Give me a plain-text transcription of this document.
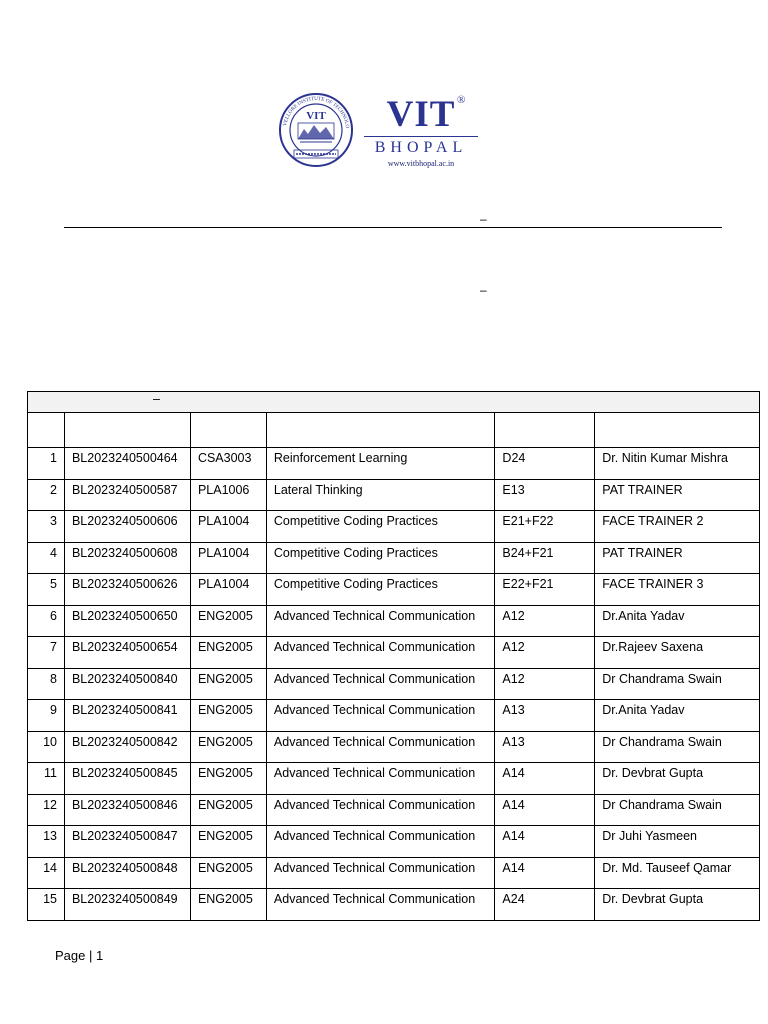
VELLORE INSTITUTE OF TECHNOLO
VIT	VIT ®
BHOPAL
www.vitbhopal.ac.in
–
–
–					

1	BL2023240500464	CSA3003	Reinforcement Learning	D24	Dr. Nitin Kumar Mishra
2	BL2023240500587	PLA1006	Lateral Thinking	E13	PAT TRAINER
3	BL2023240500606	PLA1004	Competitive Coding Practices	E21+F22	FACE TRAINER 2
4	BL2023240500608	PLA1004	Competitive Coding Practices	B24+F21	PAT TRAINER
5	BL2023240500626	PLA1004	Competitive Coding Practices	E22+F21	FACE TRAINER 3
6	BL2023240500650	ENG2005	Advanced Technical Communication	A12	Dr.Anita Yadav
7	BL2023240500654	ENG2005	Advanced Technical Communication	A12	Dr.Rajeev Saxena
8	BL2023240500840	ENG2005	Advanced Technical Communication	A12	Dr Chandrama Swain
9	BL2023240500841	ENG2005	Advanced Technical Communication	A13	Dr.Anita Yadav
10	BL2023240500842	ENG2005	Advanced Technical Communication	A13	Dr Chandrama Swain
11	BL2023240500845	ENG2005	Advanced Technical Communication	A14	Dr. Devbrat Gupta
12	BL2023240500846	ENG2005	Advanced Technical Communication	A14	Dr Chandrama Swain
13	BL2023240500847	ENG2005	Advanced Technical Communication	A14	Dr Juhi Yasmeen
14	BL2023240500848	ENG2005	Advanced Technical Communication	A14	Dr. Md. Tauseef Qamar
15	BL2023240500849	ENG2005	Advanced Technical Communication	A24	Dr. Devbrat Gupta
Page | 1
